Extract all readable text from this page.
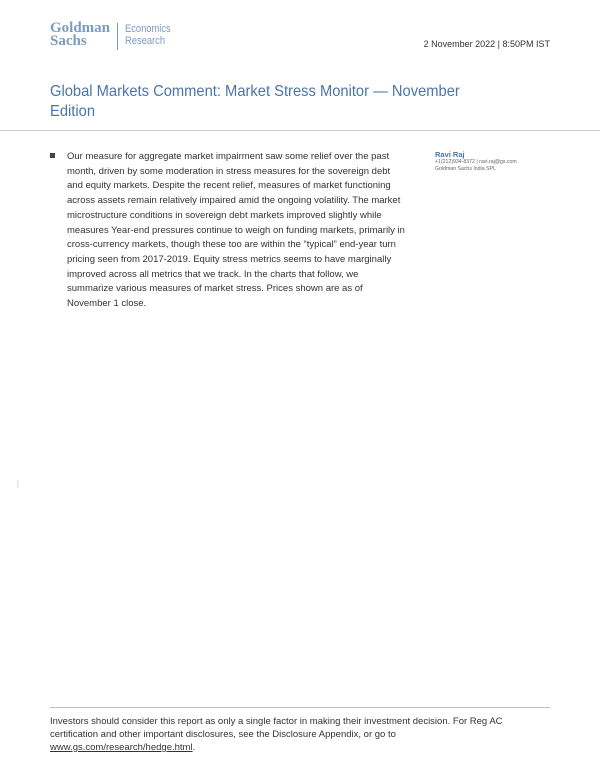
Goldman
Sachs
Economics
Research	2 November 2022 | 8:50PM IST
Global Markets Comment: Market Stress Monitor — November Edition
Our measure for aggregate market impairment saw some relief over the past month, driven by some moderation in stress measures for the sovereign debt and equity markets. Despite the recent relief, measures of market functioning across assets remain relatively impaired amid the ongoing volatility. The market microstructure conditions in sovereign debt markets improved slightly while measures Year-end pressures continue to weigh on funding markets, primarily in cross-currency markets, though these too are within the “typical” end-year turn pricing seen from 2017-2019. Equity stress metrics seems to have marginally improved across all metrics that we track. In the charts that follow, we summarize various measures of market stress. Prices shown are as of November 1 close.
Ravi Raj
+1(212)934-8372 | ravi.raj@gs.com
Goldman Sachs India SPL
|
Investors should consider this report as only a single factor in making their investment decision. For Reg AC certification and other important disclosures, see the Disclosure Appendix, or go to www.gs.com/research/hedge.html.
